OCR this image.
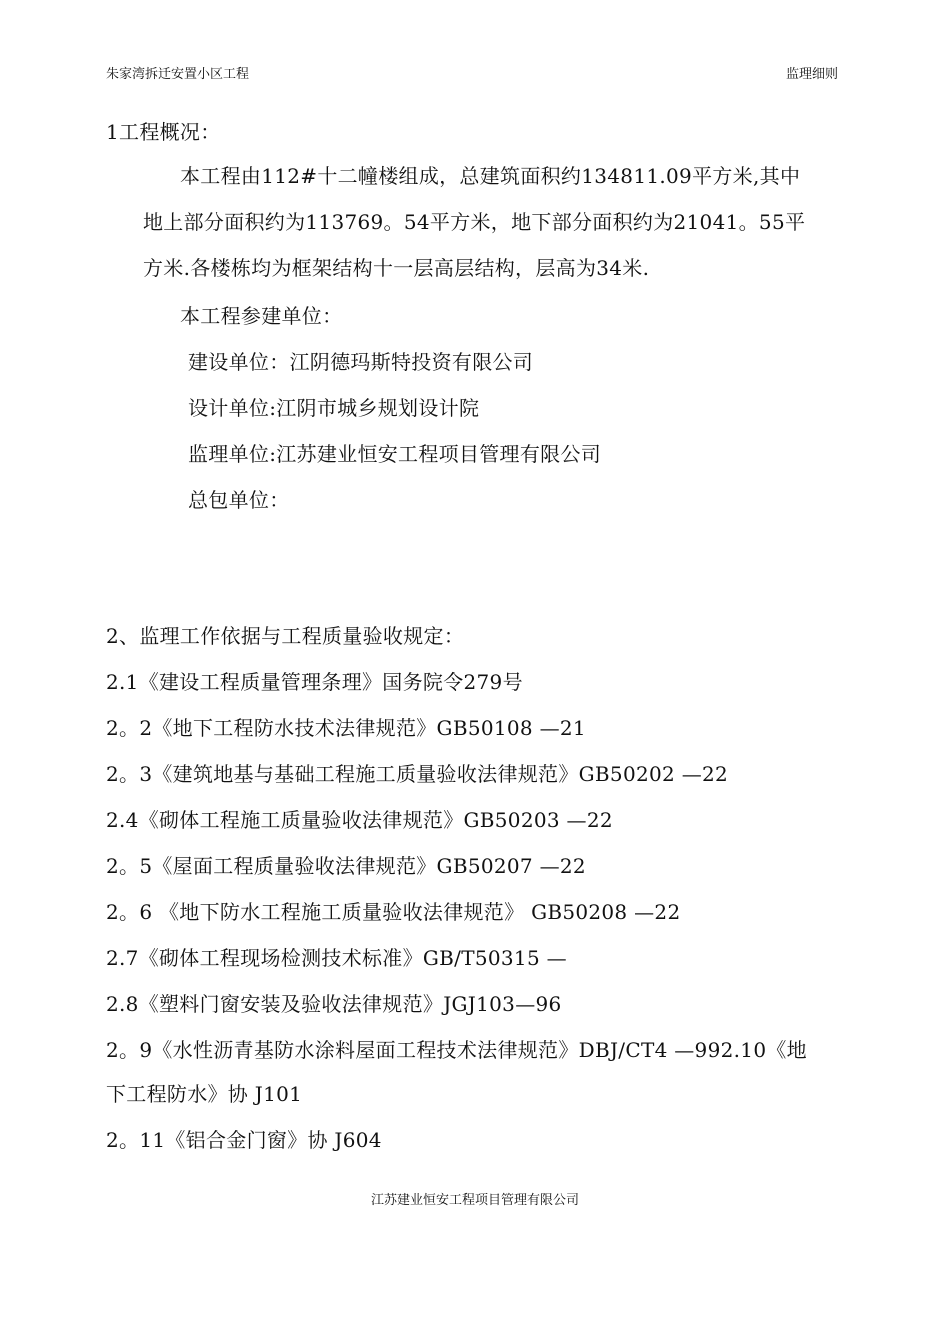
朱家湾拆迁安置小区工程	监理细则
1工程概况：
本工程由112#十二幢楼组成，总建筑面积约134811.09平方米,其中
地上部分面积约为113769。54平方米，地下部分面积约为21041。55平
方米.各楼栋均为框架结构十一层高层结构，层高为34米.
本工程参建单位：
建设单位：江阴德玛斯特投资有限公司
设计单位:江阴市城乡规划设计院
监理单位:江苏建业恒安工程项目管理有限公司
总包单位：
2、监理工作依据与工程质量验收规定：
2.1《建设工程质量管理条理》国务院令279号
2。2《地下工程防水技术法律规范》GB50108 —21
2。3《建筑地基与基础工程施工质量验收法律规范》GB50202 —22
2.4《砌体工程施工质量验收法律规范》GB50203 —22
2。5《屋面工程质量验收法律规范》GB50207 —22
2。6 《地下防水工程施工质量验收法律规范》 GB50208 —22
2.7《砌体工程现场检测技术标准》GB/T50315 —
2.8《塑料门窗安装及验收法律规范》JGJ103—96
2。9《水性沥青基防水涂料屋面工程技术法律规范》DBJ/CT4 —992.10《地
下工程防水》协 J101
2。11《铝合金门窗》协 J604
江苏建业恒安工程项目管理有限公司
